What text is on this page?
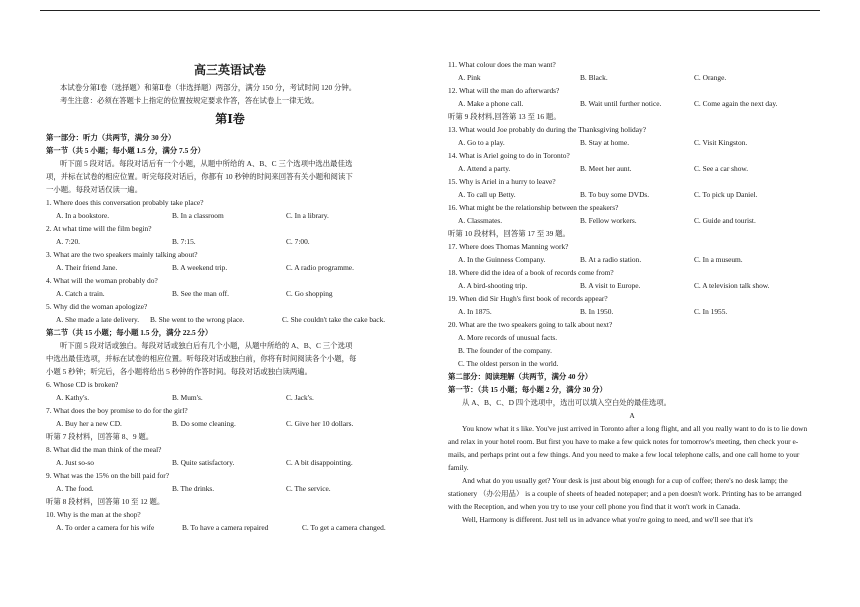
高三英语试卷
本试卷分第Ⅰ卷（选择题）和第Ⅱ卷（非选择题）两部分，满分 150 分，考试时间 120 分钟。
考生注意：必须在答题卡上指定的位置按规定要求作答，答在试卷上一律无效。
第Ⅰ卷
第一部分：听力（共两节，满分 30 分）
第一节（共 5 小题；每小题 1.5 分，满分 7.5 分）
听下面 5 段对话。每段对话后有一个小题，从题中所给的 A、B、C 三个选项中选出最佳选
项，并标在试卷的相应位置。听完每段对话后，你都有 10 秒钟的时间来回答有关小题和阅读下
一小题。每段对话仅读一遍。
1. Where does this conversation probably take place?
A. In a bookstore.	B. In a classroom	C. In a library.
2. At what time will the film begin?
A. 7:20.	B. 7:15.	C. 7:00.
3. What are the two speakers mainly talking about?
A. Their friend Jane.	B. A weekend trip.	C. A radio programme.
4. What will the woman probably do?
A. Catch a train.	B. See the man off.	C. Go shopping
5. Why did the woman apologize?
A. She made a late delivery. B. She went to the wrong place.	C. She couldn't take the cake back.
第二节（共 15 小题；每小题 1.5 分，满分 22.5 分）
听下面 5 段对话或独白。每段对话或独白后有几个小题，从题中所给的 A、B、C 三个选项
中选出最佳选项，并标在试卷的相应位置。听每段对话或独白前，你将有时间阅读各个小题，每
小题 5 秒钟；听完后，各小题将给出 5 秒钟的作答时间。每段对话或独白读两遍。
6. Whose CD is broken?
A. Kathy's.	B. Mum's.	C. Jack's.
7. What does the boy promise to do for the girl?
A. Buy her a new CD.	B. Do some cleaning.	C. Give her 10 dollars.
听第 7 段材料，回答第 8、9 题。
8. What did the man think of the meal?
A. Just so-so	B. Quite satisfactory.	C. A bit disappointing.
9. What was the 15% on the bill paid for?
A. The food.	B. The drinks.	C. The service.
听第 8 段材料，回答第 10 至 12 题。
10. Why is the man at the shop?
A. To order a camera for his wife	B. To have a camera repaired	C. To get a camera changed.
11. What colour does the man want?
A. Pink	B. Black.	C. Orange.
12. What will the man do afterwards?
A. Make a phone call.	B. Wait until further notice.	C. Come again the next day.
听第 9 段材料,回答第 13 至 16 题。
13. What would Joe probably do during the Thanksgiving holiday?
A. Go to a play.	B. Stay at home.	C. Visit Kingston.
14. What is Ariel going to do in Toronto?
A. Attend a party.	B. Meet her aunt.	C. See a car show.
15. Why is Ariel in a hurry to leave?
A. To call up Betty.	B. To buy some DVDs.	C. To pick up Daniel.
16. What might be the relationship between the speakers?
A. Classmates.	B. Fellow workers.	C. Guide and tourist.
听第 10 段材料，回答第 17 至 39 题。
17. Where does Thomas Manning work?
A. In the Guinness Company.	B. At a radio station.	C. In a museum.
18. Where did the idea of a book of records come from?
A. A bird-shooting trip.	B. A visit to Europe.	C. A television talk show.
19. When did Sir Hugh's first book of records appear?
A. In 1875.	B. In 1950.	C. In 1955.
20. What are the two speakers going to talk about next?
A. More records of unusual facts.
B. The founder of the company.
C. The oldest person in the world.
第二部分：阅读理解（共两节，满分 40 分）
第一节：（共 15 小题；每小题 2 分，满分 30 分）
从 A、B、C、D 四个选项中，选出可以填入空白处的最佳选项。
A
You know what it s like. You've just arrived in Toronto after a long flight, and all you really want to do is to lie down and relax in your hotel room. But first you have to make a few quick notes for tomorrow's meeting, then check your e-mails, and perhaps print out a few things. And you need to make a few local telephone calls, and one call home to your family.
And what do you usually get? Your desk is just about big enough for a cup of coffee; there's no desk lamp; the stationery （办公用品） is a couple of sheets of headed notepaper; and a pen doesn't work. Printing has to be arranged with the Reception, and when you try to use your cell phone you find that it won't work in Canada.
Well, Harmony is different. Just tell us in advance what you're going to need, and we'll see that it's
